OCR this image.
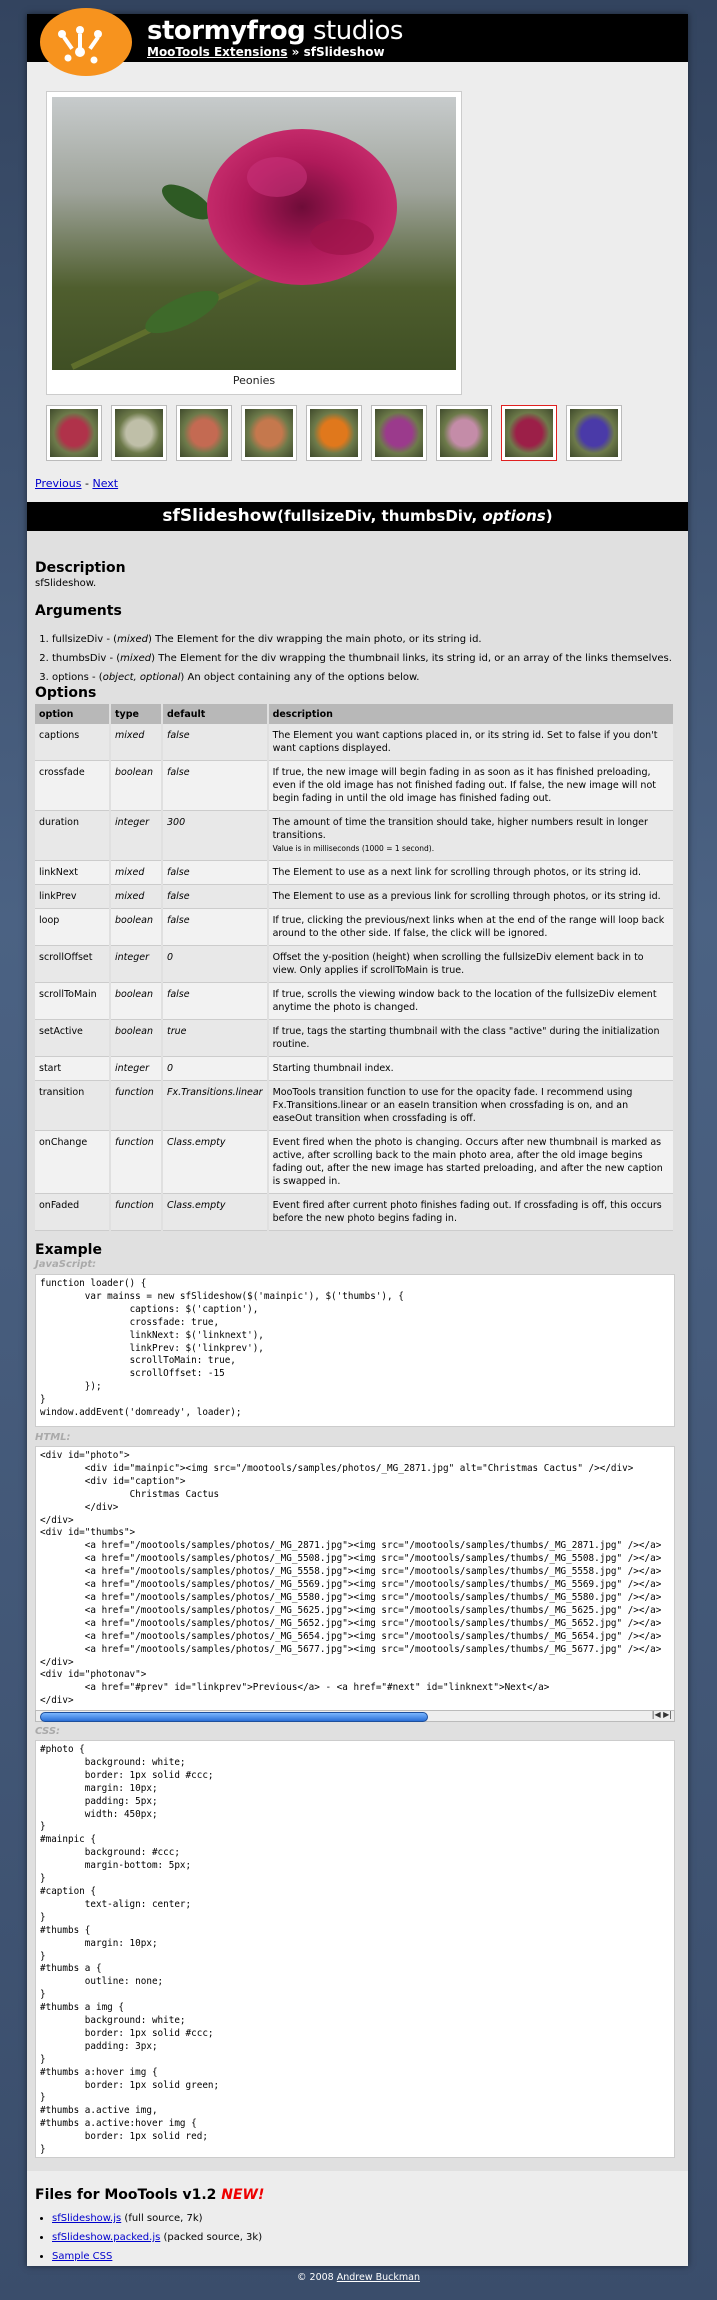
stormyfrog studios
MooTools Extensions » sfSlideshow
Peonies
Previous - Next
sfSlideshow(fullsizeDiv, thumbsDiv, options)
Description
sfSlideshow.
Arguments
1. fullsizeDiv - (mixed) The Element for the div wrapping the main photo, or its string id.
2. thumbsDiv - (mixed) The Element for the div wrapping the thumbnail links, its string id, or an array of the links themselves.
3. options - (object, optional) An object containing any of the options below.
Options
option	type	default	description
captions	mixed	false	The Element you want captions placed in, or its string id. Set to false if you don't want captions displayed.
crossfade	boolean	false	If true, the new image will begin fading in as soon as it has finished preloading, even if the old image has not finished fading out. If false, the new image will not begin fading in until the old image has finished fading out.
duration	integer	300	The amount of time the transition should take, higher numbers result in longer transitions.
Value is in milliseconds (1000 = 1 second).

linkNext	mixed	false	The Element to use as a next link for scrolling through photos, or its string id.
linkPrev	mixed	false	The Element to use as a previous link for scrolling through photos, or its string id.
loop	boolean	false	If true, clicking the previous/next links when at the end of the range will loop back around to the other side. If false, the click will be ignored.
scrollOffset	integer	0	Offset the y-position (height) when scrolling the fullsizeDiv element back in to view. Only applies if scrollToMain is true.
scrollToMain	boolean	false	If true, scrolls the viewing window back to the location of the fullsizeDiv element anytime the photo is changed.
setActive	boolean	true	If true, tags the starting thumbnail with the class "active" during the initialization routine.
start	integer	0	Starting thumbnail index.
transition	function	Fx.Transitions.linear	MooTools transition function to use for the opacity fade. I recommend using Fx.Transitions.linear or an easeIn transition when crossfading is on, and an easeOut transition when crossfading is off.
onChange	function	Class.empty	Event fired when the photo is changing. Occurs after new thumbnail is marked as active, after scrolling back to the main photo area, after the old image begins fading out, after the new image has started preloading, and after the new caption is swapped in.
onFaded	function	Class.empty	Event fired after current photo finishes fading out. If crossfading is off, this occurs before the new photo begins fading in.
Example
JavaScript:
function loader() {
	var mainss = new sfSlideshow($('mainpic'), $('thumbs'), {
		captions: $('caption'),
		crossfade: true,
		linkNext: $('linknext'),
		linkPrev: $('linkprev'),
		scrollToMain: true,
		scrollOffset: -15
	});
}
window.addEvent('domready', loader);
HTML:
<div id="photo">
	<div id="mainpic"><img src="/mootools/samples/photos/_MG_2871.jpg" alt="Christmas Cactus" /></div>
	<div id="caption">
		Christmas Cactus
	</div>
</div>
<div id="thumbs">
	<a href="/mootools/samples/photos/_MG_2871.jpg"><img src="/mootools/samples/thumbs/_MG_2871.jpg" /></a>
	<a href="/mootools/samples/photos/_MG_5508.jpg"><img src="/mootools/samples/thumbs/_MG_5508.jpg" /></a>
	<a href="/mootools/samples/photos/_MG_5558.jpg"><img src="/mootools/samples/thumbs/_MG_5558.jpg" /></a>
	<a href="/mootools/samples/photos/_MG_5569.jpg"><img src="/mootools/samples/thumbs/_MG_5569.jpg" /></a>
	<a href="/mootools/samples/photos/_MG_5580.jpg"><img src="/mootools/samples/thumbs/_MG_5580.jpg" /></a>
	<a href="/mootools/samples/photos/_MG_5625.jpg"><img src="/mootools/samples/thumbs/_MG_5625.jpg" /></a>
	<a href="/mootools/samples/photos/_MG_5652.jpg"><img src="/mootools/samples/thumbs/_MG_5652.jpg" /></a>
	<a href="/mootools/samples/photos/_MG_5654.jpg"><img src="/mootools/samples/thumbs/_MG_5654.jpg" /></a>
	<a href="/mootools/samples/photos/_MG_5677.jpg"><img src="/mootools/samples/thumbs/_MG_5677.jpg" /></a>
</div>
<div id="photonav">
	<a href="#prev" id="linkprev">Previous</a> - <a href="#next" id="linknext">Next</a>
</div>
|◀ ▶|
CSS:
#photo {
	background: white;
	border: 1px solid #ccc;
	margin: 10px;
	padding: 5px;
	width: 450px;
}
#mainpic {
	background: #ccc;
	margin-bottom: 5px;
}
#caption {
	text-align: center;
}
#thumbs {
	margin: 10px;
}
#thumbs a {
	outline: none;
}
#thumbs a img {
	background: white;
	border: 1px solid #ccc;
	padding: 3px;
}
#thumbs a:hover img {
	border: 1px solid green;
}
#thumbs a.active img,
#thumbs a.active:hover img {
	border: 1px solid red;
}
Files for MooTools v1.2 NEW!
• sfSlideshow.js (full source, 7k)
• sfSlideshow.packed.js (packed source, 3k)
• Sample CSS
© 2008 Andrew Buckman
